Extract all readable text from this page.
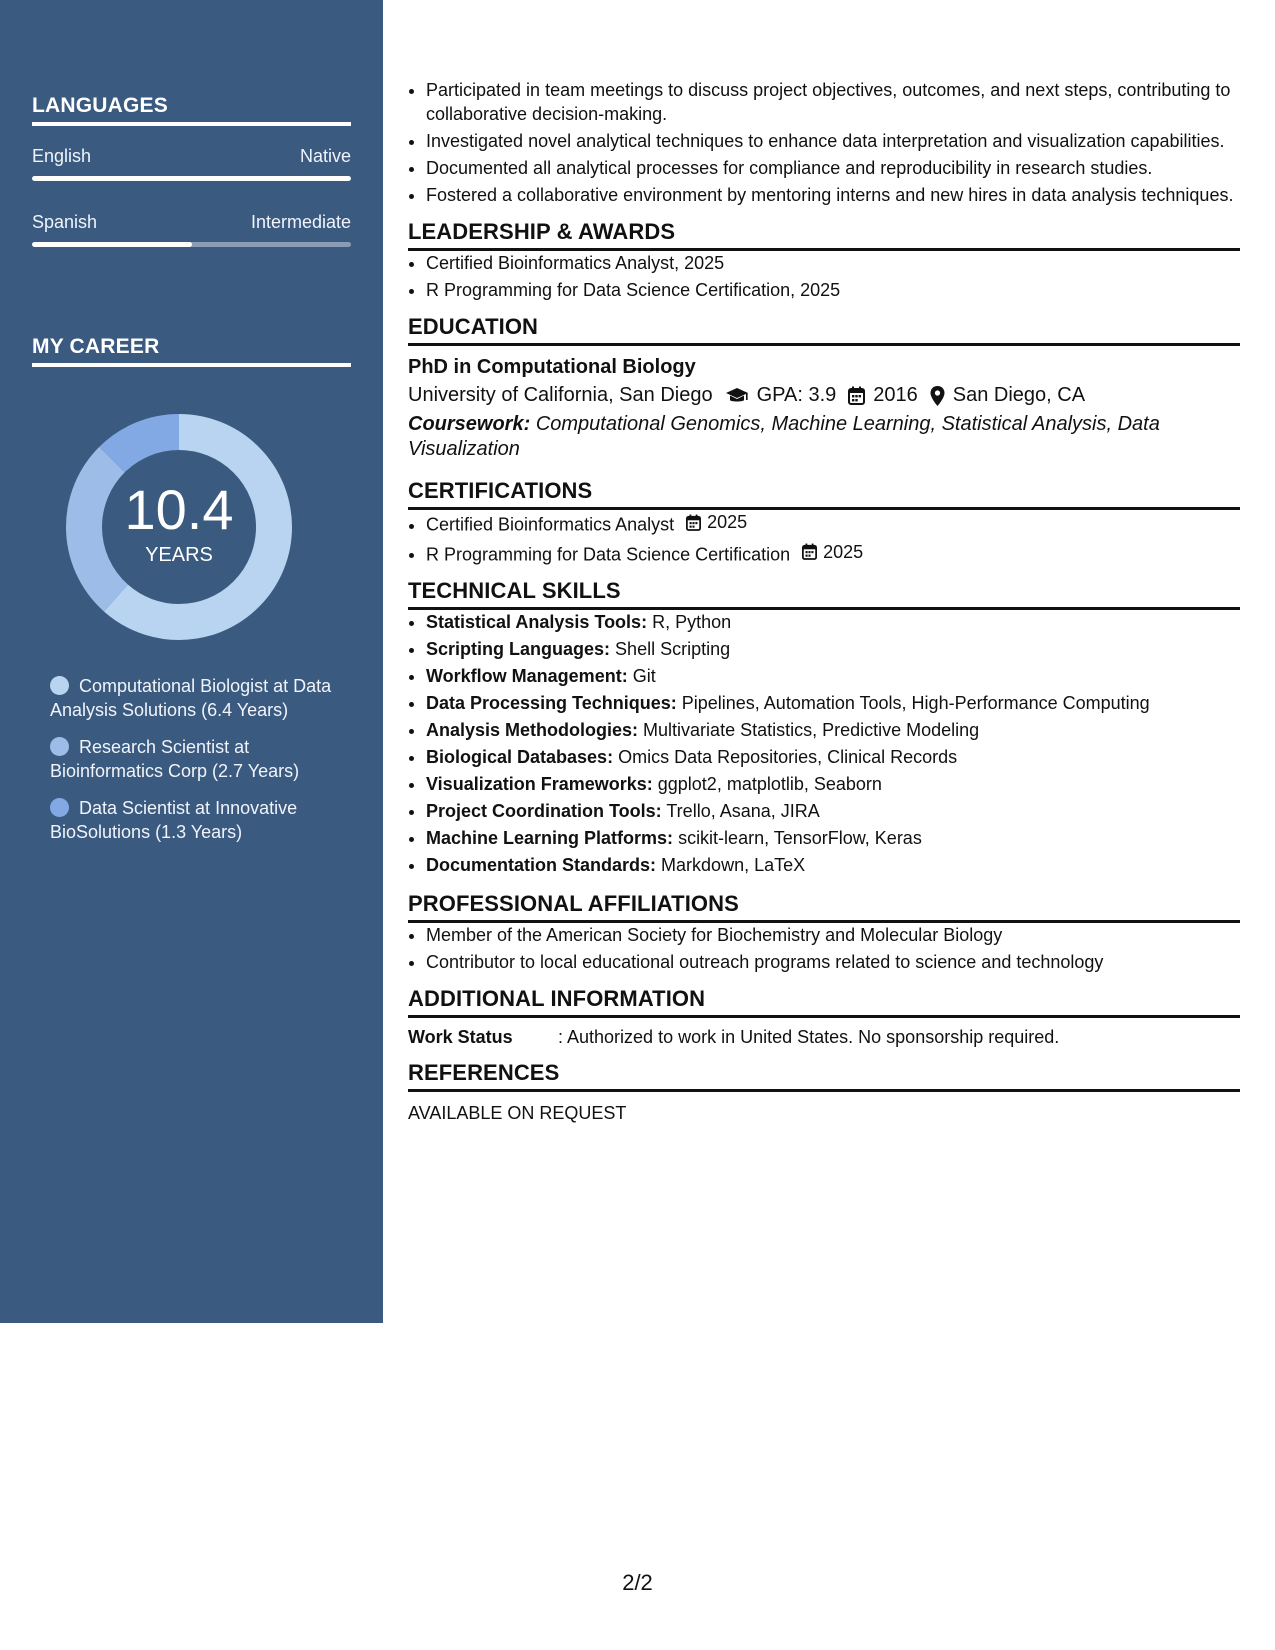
LANGUAGES
English	Native
Spanish	Intermediate
MY CAREER
10.4
YEARS
Computational Biologist at Data Analysis Solutions (6.4 Years)
Research Scientist at Bioinformatics Corp (2.7 Years)
Data Scientist at Innovative BioSolutions (1.3 Years)
• Participated in team meetings to discuss project objectives, outcomes, and next steps, contributing to collaborative decision-making.
• Investigated novel analytical techniques to enhance data interpretation and visualization capabilities.
• Documented all analytical processes for compliance and reproducibility in research studies.
• Fostered a collaborative environment by mentoring interns and new hires in data analysis techniques.
LEADERSHIP & AWARDS
• Certified Bioinformatics Analyst, 2025
• R Programming for Data Science Certification, 2025
EDUCATION
PhD in Computational Biology
University of California, San Diego GPA: 3.9 2016 San Diego, CA
Coursework: Computational Genomics, Machine Learning, Statistical Analysis, Data Visualization
CERTIFICATIONS
• Certified Bioinformatics Analyst 2025
• R Programming for Data Science Certification 2025
TECHNICAL SKILLS
• Statistical Analysis Tools: R, Python
• Scripting Languages: Shell Scripting
• Workflow Management: Git
• Data Processing Techniques: Pipelines, Automation Tools, High-Performance Computing
• Analysis Methodologies: Multivariate Statistics, Predictive Modeling
• Biological Databases: Omics Data Repositories, Clinical Records
• Visualization Frameworks: ggplot2, matplotlib, Seaborn
• Project Coordination Tools: Trello, Asana, JIRA
• Machine Learning Platforms: scikit-learn, TensorFlow, Keras
• Documentation Standards: Markdown, LaTeX
PROFESSIONAL AFFILIATIONS
• Member of the American Society for Biochemistry and Molecular Biology
• Contributor to local educational outreach programs related to science and technology
ADDITIONAL INFORMATION
Work Status	: Authorized to work in United States. No sponsorship required.
REFERENCES
AVAILABLE ON REQUEST
2/2
